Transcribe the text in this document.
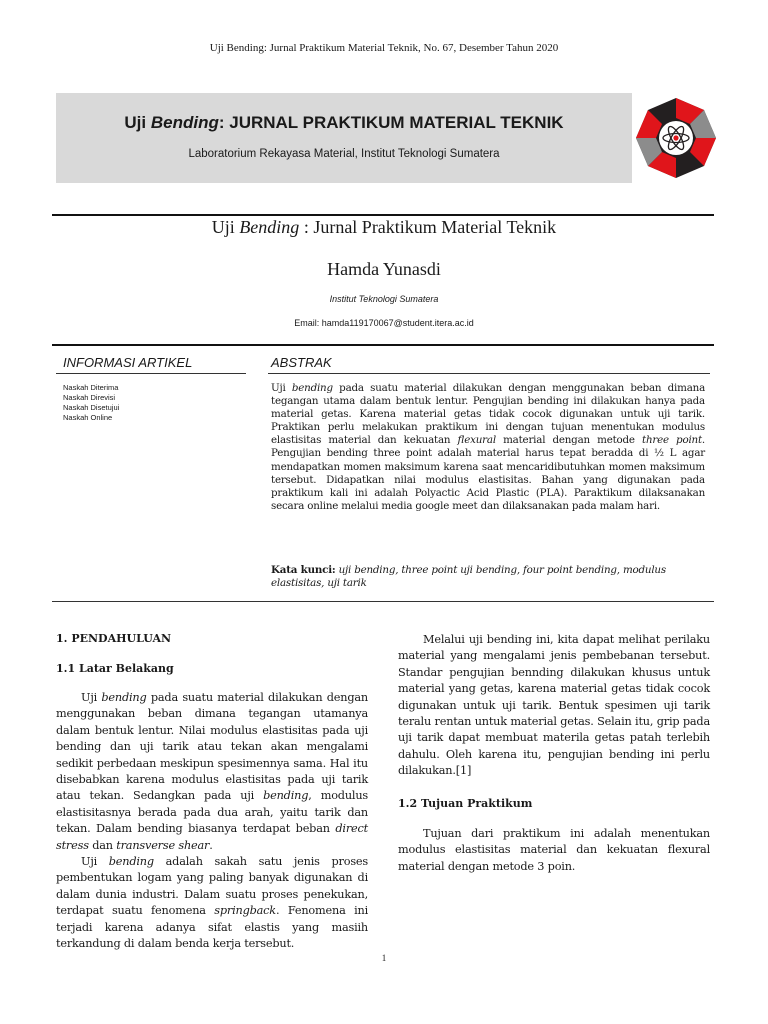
Uji Bending: Jurnal Praktikum Material Teknik, No. 67, Desember Tahun 2020
Uji Bending: JURNAL PRAKTIKUM MATERIAL TEKNIK
Laboratorium Rekayasa Material, Institut Teknologi Sumatera
Uji Bending : Jurnal Praktikum Material Teknik
Hamda Yunasdi
Institut Teknologi Sumatera
Email: hamda119170067@student.itera.ac.id
INFORMASI ARTIKEL
Naskah Diterima
Naskah Direvisi
Naskah Disetujui
Naskah Online
ABSTRAK
Uji bending pada suatu material dilakukan dengan menggunakan beban dimana tegangan utama dalam bentuk lentur. Pengujian bending ini dilakukan hanya pada material getas. Karena material getas tidak cocok digunakan untuk uji tarik. Praktikan perlu melakukan praktikum ini dengan tujuan menentukan modulus elastisitas material dan kekuatan flexural material dengan metode three point. Pengujian bending three point adalah material harus tepat beradda di ½ L agar mendapatkan momen maksimum karena saat mencaridibutuhkan momen maksimum tersebut. Didapatkan nilai modulus elastisitas. Bahan yang digunakan pada praktikum kali ini adalah Polyactic Acid Plastic (PLA). Paraktikum dilaksanakan secara online melalui media google meet dan dilaksanakan pada malam hari.
Kata kunci: uji bending, three point uji bending, four point bending, modulus elastisitas, uji tarik
1. PENDAHULUAN
1.1 Latar Belakang

Uji bending pada suatu material dilakukan dengan menggunakan beban dimana tegangan utamanya dalam bentuk lentur. Nilai modulus elastisitas pada uji bending dan uji tarik atau tekan akan mengalami sedikit perbedaan meskipun spesimennya sama. Hal itu disebabkan karena modulus elastisitas pada uji tarik atau tekan. Sedangkan pada uji bending, modulus elastisitasnya berada pada dua arah, yaitu tarik dan tekan. Dalam bending biasanya terdapat beban direct stress dan transverse shear.

Uji bending adalah sakah satu jenis proses pembentukan logam yang paling banyak digunakan di dalam dunia industri. Dalam suatu proses penekukan, terdapat suatu fenomena springback. Fenomena ini terjadi karena adanya sifat elastis yang masiih terkandung di dalam benda kerja tersebut.

Melalui uji bending ini, kita dapat melihat perilaku material yang mengalami jenis pembebanan tersebut. Standar pengujian bennding dilakukan khusus untuk material yang getas, karena material getas tidak cocok digunakan untuk uji tarik. Bentuk spesimen uji tarik teralu rentan untuk material getas. Selain itu, grip pada uji tarik dapat membuat materila getas patah terlebih dahulu. Oleh karena itu, pengujian bending ini perlu dilakukan.[1]

1.2 Tujuan Praktikum

Tujuan dari praktikum ini adalah menentukan modulus elastisitas material dan kekuatan flexural material dengan metode 3 poin.

1
